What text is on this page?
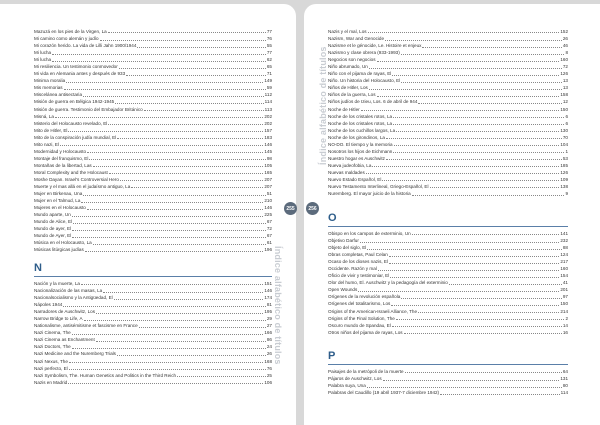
Mazuzá en los pies de la Virgen, La	77
Mi camino como alemán y judío	76
Mi corazón herido. La vida de Lilli Jahn 1900/1944	55
Mi lucha	77
Mi lucha	62
Mi resiliencia. Un testimonio conmovedor	65
Mi vida en Alemania antes y después de 933	71
Minima moralia	149
Mis memorias	59
Miscelánea antisectaria	112
Misión de guerra en Bélgica 1942-1945	114
Misión de guerra. Testimonio del Embajador Británico	113
Misná, La	202
Misterio del Holocausto revelado, El	202
Mito de Hitler, El	157
Mito de la conspiración judía mundial, El	183
Mito nazi, El	146
Modernidad y Holocausto	145
Montaje del franquismo, El	98
Montañas de la libertad, Las	105
Moral Complexity and the Holocaust	165
Moshe Dayan. Israel's Controversial Hero	207
Muerte y el mas allá en el judaísmo antiguo, La	207
Mujer en Birkenau, Una	51
Mujer en el Talmud, La	210
Mujeres en el Holocausto	146
Mundo aparte, Un	225
Mundo de Alice, El	67
Mundo de ayer, El	72
Mundo de Ayer, El	67
Música en el Holocausto, La	61
Músicas litúrgicas judías	196
N
Nación y la muerte, La	151
Nacionalización de las masas, La	146
Nacionalsocialismo y la Antigüedad, El	174
Nápoles 1944	81
Narradores de Auschwitz, Los	195
Narrow Bridge to Life, A	29
Nationalisme, antisémitisme et fascisme en France	27
Nazi Cinema, The	166
Nazi Cinema as Enchantment	86
Nazi Doctors, The	24
Nazi Medicine and the Nuremberg Trials	26
Nazi Nexus, The	168
Nazi perfecto, El	76
Nazi Symbolism, The. Human Genetics and Politics in the Third Reich	25
Nazis en Madrid	106
Nazis y el mal, Los	152
Nazism, War and Genocide	26
Nazisme et le génocide, Le. Histoire et enjeux	46
Nazismo y clase obrera (933-1993)	8
Negocios son negocios	160
Niño abrumado, Un	72
Niño con el pijama de rayas, El	126
Niño. Un historia del Holocausto, El	13
Niños de Hitler, Los	13
Niños de la guerra, Los	158
Niños judíos de Izieu, Los. 6 de abril de 944	12
Noche de Hitler	150
Noche de los cristales rotos, La	6
Noche de los cristales rotos, La	6
Noche de los cuchillos largos, La	130
Noche de los girondinos, La	70
NO-DO. El tiempo y la memoria	104
Nosotros los hijos de Eichmann	1
Nuestro hogar es Auschwitz	53
Nueva judeofobia, La	185
Nuevas maldades	126
Nuevo Estado Español, El	109
Nuevo Testamento Interlineal, Griego-Español, El	138
Nuremberg. El mayor juicio de la historia	9
O
Obispo en los campos de exterminio, Un	141
Objetivo Darfur	232
Objeto del siglo, El	88
Obras completas, Paul Celan	124
Ocaso de los dioses nazis, El	217
Occidente. Razón y mal	160
Oficio de vivir y testimoniar, El	154
Olor del humo, El. Auschwitz y la pedagogía del exterminio	41
Open Wounds	201
Orígenes de la revolución española	97
Orígenes del totalitarismo, Los	150
Origins of the American-Israeli Alliance, The	214
Origins of the Final Solution, The	2
Oscuro mundo de Spandau, El	14
Otros niños del pijama de rayas, Los	16
P
Paisajes de la metrópoli de la muerte	64
Pájaros de Auschwitz, Los	131
Palabra suya, Una	80
Palabras del Caudillo (19 abril 1937-7 diciembre 1942)	114
255	256
Índice alfabético de títulos
Índice alfabético de títulos
